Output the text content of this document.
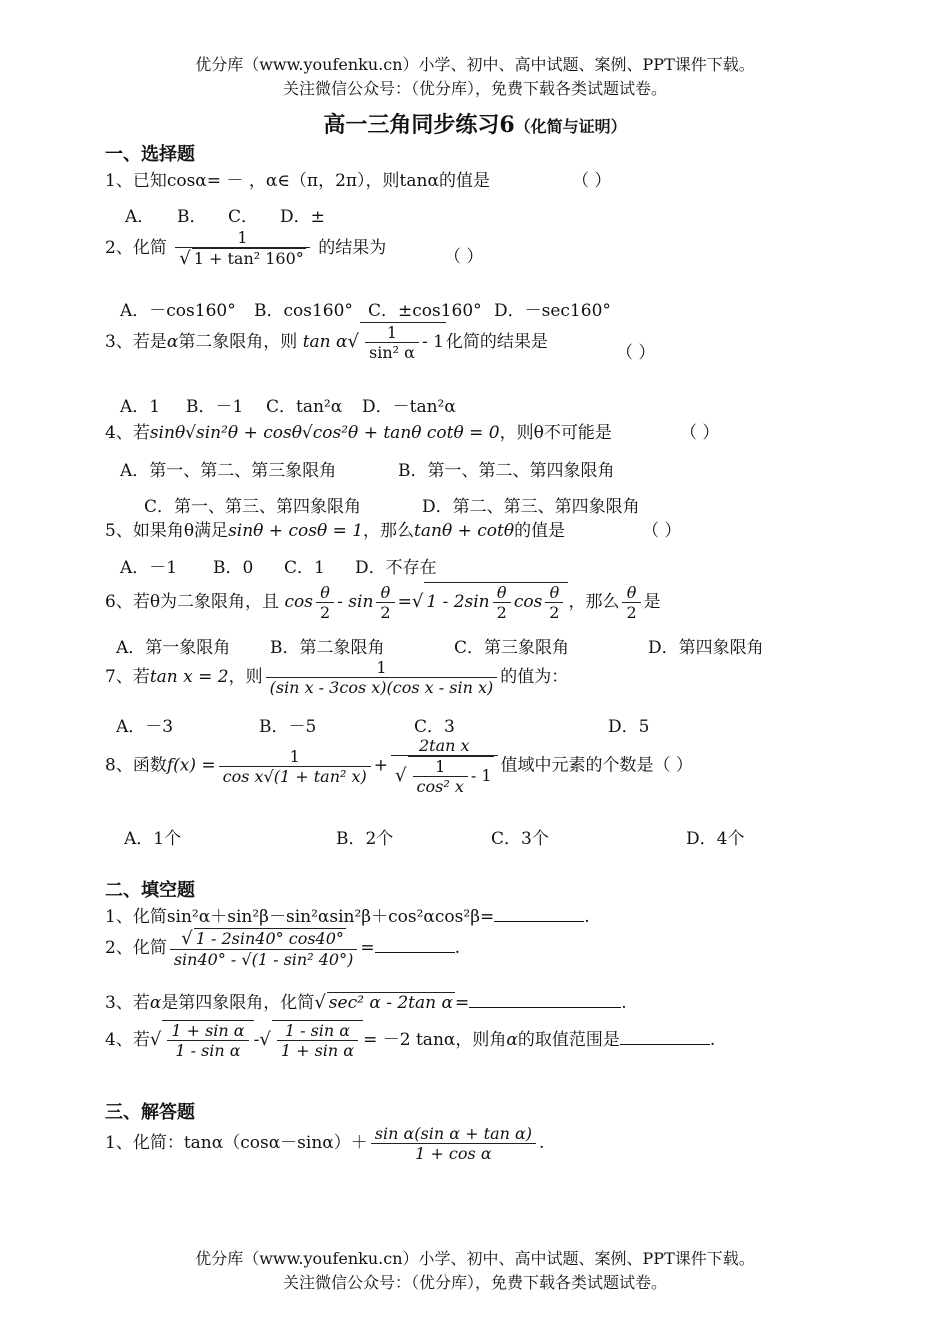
优分库（www.youfenku.cn）小学、初中、高中试题、案例、PPT课件下载。
关注微信公众号：（优分库），免费下载各类试题试卷。
高一三角同步练习6（化简与证明）
一、选择题
1、已知cosα= － ，α∈（π，2π），则tanα的值是	（ ）
A． B． C． D．±
2、化简 $\frac{1}{\text{√ 1 + tan² 160°}}$ 的结果为	（ ）
A．－cos160° B．cos160° C．±cos160° D．－sec160°
3、若是α第二象限角，则 $\tan \alpha√ \frac{1}{\text{sin² α}} - 1$ 化简的结果是
（ ）
A．1 B．－1 C．tan²α D．－tan²α
4、若sinθ√sin²θ + cosθ√cos²θ + tanθ cotθ = 0，则θ不可能是	（ ）
A．第一、第二、第三象限角	B．第一、第二、第四象限角
C．第一、第三、第四象限角	D．第二、第三、第四象限角
5、如果角θ满足sinθ + cosθ = 1，那么tanθ + cotθ的值是	（ ）
A．－1 B．0 C．1 D．不存在
6、若θ为二象限角，且 $\cos \frac{\theta}{2}$ - $\sin \frac{\theta}{2}$ =√ $1 - 2\sin \frac{\theta}{2}$ $\cos \frac{\theta}{2}$ ，那么 $\frac{\theta}{2}$ 是
A．第一象限角 B．第二象限角	C．第三象限角	D．第四象限角
7、若tan x = 2，则 $\frac{1}{\text{(sin x - 3cos x)(cos x - sin x)}}$ 的值为：
A．－3	B．－5	C．3	D．5
8、函数$f(x) = \frac{1}{\text{cos x√(1 + tan² x)}} + \frac{\text{2tan x}}{√ \frac{1}{\text{cos² x}} - 1}$ 值域中元素的个数是（ ）
A．1个	B．2个	C．3个	D．4个
二、填空题
1、化简sin²α＋sin²β－sin²αsin²β＋cos²αcos²β=	.
2、化简 $\frac{√ 1 - 2\sin 40^\circ \cos 40^\circ}{\text{sin40° - √(1 - sin² 40°)}}$ =	.
3、若α是第四象限角，化简√ sec² α - 2tan α =	.
4、若√ $\frac{\text{1 + sin α}}{\text{1 - sin α}}$ -√ $\frac{\text{1 - sin α}}{\text{1 + sin α}} = -2$ tanα，则角α的取值范围是	.
三、解答题
1、化简：$\tan\alpha(\cos\alpha-\sin\alpha)+ \frac{\text{sin α(sin α + tan α)}}{\text{1 + cos α}}$ .
优分库（www.youfenku.cn）小学、初中、高中试题、案例、PPT课件下载。
关注微信公众号：（优分库），免费下载各类试题试卷。
